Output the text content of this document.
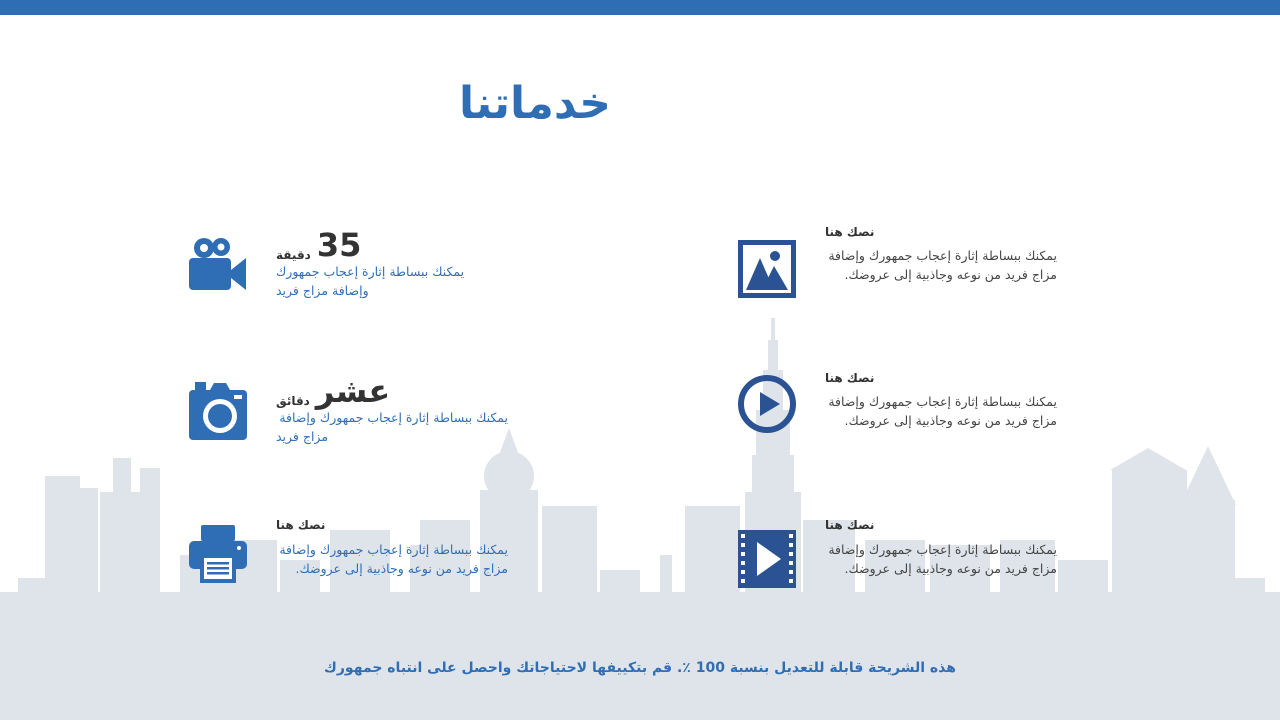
خدماتنا
35
دقيقة
يمكنك ببساطة إثارة إعجاب جمهورك
وإضافة مزاج فريد
عشر
دقائق
يمكنك ببساطة إثارة إعجاب جمهورك وإضافة
مزاج فريد
نصك هنا
يمكنك ببساطة إثارة إعجاب جمهورك وإضافة
مزاج فريد من نوعه وجاذبية إلى عروضك.
نصك هنا
يمكنك ببساطة إثارة إعجاب جمهورك وإضافة
مزاج فريد من نوعه وجاذبية إلى عروضك.
نصك هنا
يمكنك ببساطة إثارة إعجاب جمهورك وإضافة
مزاج فريد من نوعه وجاذبية إلى عروضك.
نصك هنا
يمكنك ببساطة إثارة إعجاب جمهورك وإضافة
مزاج فريد من نوعه وجاذبية إلى عروضك.
هذه الشريحة قابلة للتعديل بنسبة 100 ٪. قم بتكييفها لاحتياجاتك واحصل على انتباه جمهورك
